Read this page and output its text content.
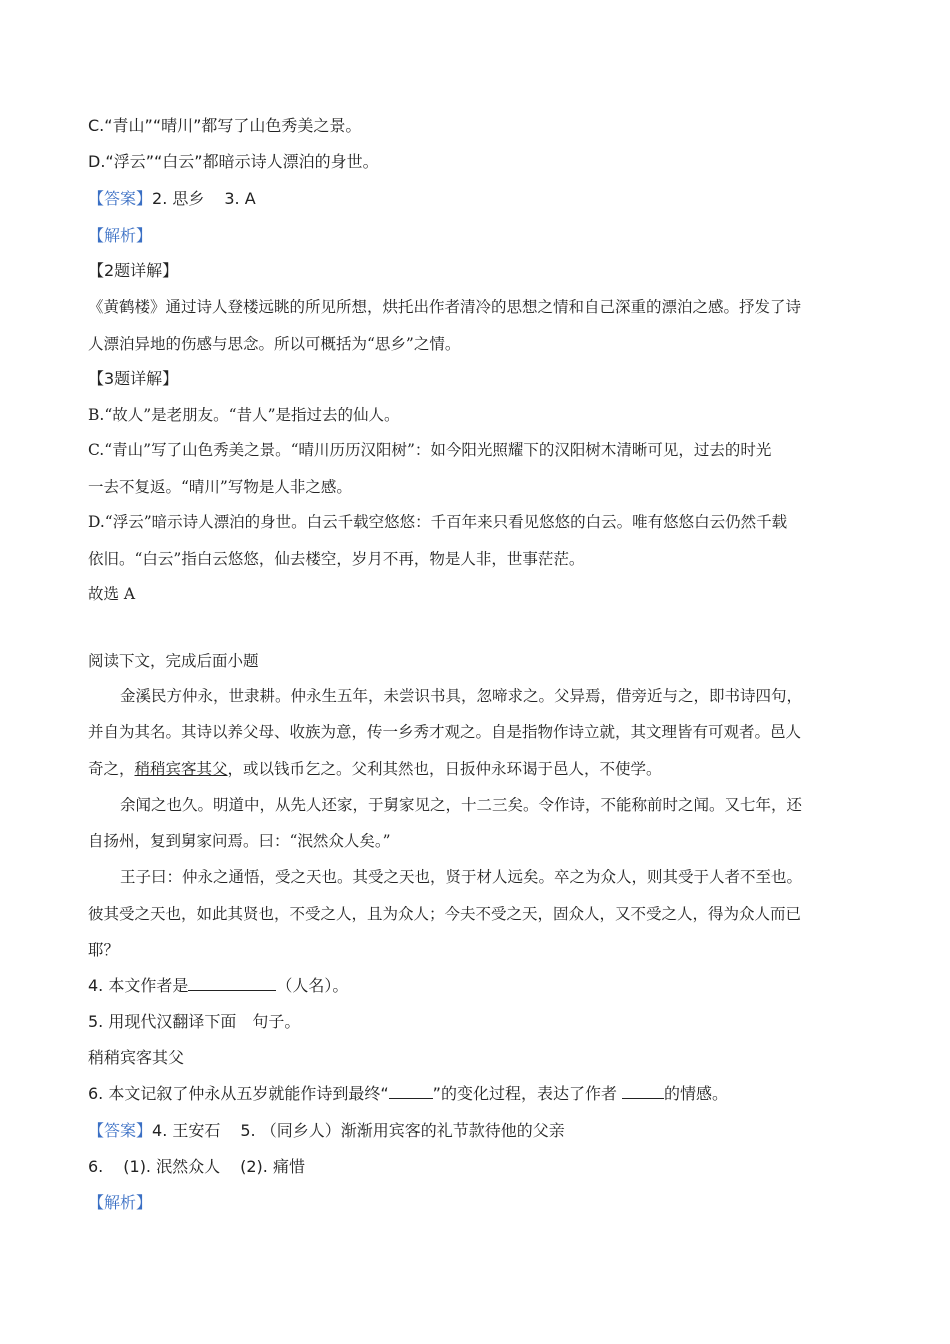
C.“青山”“晴川”都写了山色秀美之景。
D.“浮云”“白云”都暗示诗人漂泊的身世。
【答案】2. 思乡 3. A
【解析】
【2题详解】
《黄鹤楼》通过诗人登楼远眺的所见所想，烘托出作者清冷的思想之情和自己深重的漂泊之感。抒发了诗
人漂泊异地的伤感与思念。所以可概括为“思乡”之情。
【3题详解】
B.“故人”是老朋友。“昔人”是指过去的仙人。
C.“青山”写了山色秀美之景。“晴川历历汉阳树”：如今阳光照耀下的汉阳树木清晰可见，过去的时光
一去不复返。“晴川”写物是人非之感。
D.“浮云”暗示诗人漂泊的身世。白云千载空悠悠：千百年来只看见悠悠的白云。唯有悠悠白云仍然千载
依旧。“白云”指白云悠悠，仙去楼空，岁月不再，物是人非，世事茫茫。
故选 A
阅读下文，完成后面小题
金溪民方仲永，世隶耕。仲永生五年，未尝识书具，忽啼求之。父异焉，借旁近与之，即书诗四句，
并自为其名。其诗以养父母、收族为意，传一乡秀才观之。自是指物作诗立就，其文理皆有可观者。邑人
奇之，稍稍宾客其父，或以钱币乞之。父利其然也，日扳仲永环谒于邑人，不使学。
余闻之也久。明道中，从先人还家，于舅家见之，十二三矣。令作诗，不能称前时之闻。又七年，还
自扬州，复到舅家问焉。曰：“泯然众人矣。”
王子曰：仲永之通悟，受之天也。其受之天也，贤于材人远矣。卒之为众人，则其受于人者不至也。
彼其受之天也，如此其贤也，不受之人，且为众人；今夫不受之天，固众人，又不受之人，得为众人而已
耶？
4. 本文作者是	（人名）。
5. 用现代汉翻译下面　句子。
稍稍宾客其父
6. 本文记叙了仲永从五岁就能作诗到最终“	”的变化过程，表达了作者	的情感。
【答案】4. 王安石 5. （同乡人）渐渐用宾客的礼节款待他的父亲
6. (1). 泯然众人 (2). 痛惜
【解析】
